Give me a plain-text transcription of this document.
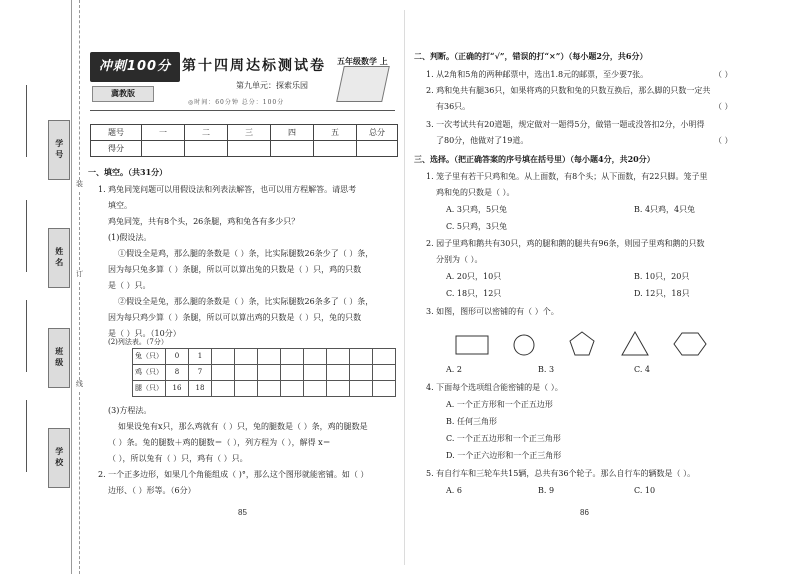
学号
姓名
班级
学校
装
订
线
冲刺100分
冀教版
第十四周达标测试卷 五年级数学 上
第九单元：探索乐园
◎时间：60分钟 总分：100分
题号	一	二	三	四	五	总分
得分						
一、填空。（共31分）
1. 鸡兔同笼问题可以用假设法和列表法解答，也可以用方程解答。请思考
填空。
鸡兔同笼，共有8个头，26条腿，鸡和兔各有多少只？
(1)假设法。
①假设全是鸡，那么腿的条数是（ ）条，比实际腿数26条少了（ ）条，
因为每只兔多算（ ）条腿，所以可以算出兔的只数是（ ）只，鸡的只数
是（ ）只。
②假设全是兔，那么腿的条数是（ ）条，比实际腿数26条多了（ ）条，
因为每只鸡少算（ ）条腿，所以可以算出鸡的只数是（ ）只，兔的只数
是（ ）只。（10分）
(2)列法表。（7分）
兔（只）	0	1								
鸡（只）	8	7								
腿（只）	16	18								
(3)方程法。
如果设兔有x只，那么鸡就有（ ）只，兔的腿数是（ ）条，鸡的腿数是
（ ）条。兔的腿数＋鸡的腿数＝（ ），列方程为（ ），解得 x＝
（ ），所以兔有（ ）只，鸡有（ ）只。
2. 一个正多边形，如果几个角能组成（ )°，那么这个图形就能密铺。如（ ）
边形、（ ）形等。（6分）
85
二、判断。（正确的打“√”，错误的打“×”）（每小题2分，共6分）
1. 从2角和5角的两种邮票中，选出1.8元的邮票，至少要7张。	（ ）
2. 鸡和兔共有腿36只，如果将鸡的只数和兔的只数互换后，那么脚的只数一定共
有36只。	（ ）
3. 一次考试共有20道题，规定做对一题得5分，做错一题或没答扣2分，小明得
了80分，他做对了19道。	（ ）
三、选择。（把正确答案的序号填在括号里）（每小题4分，共20分）
1. 笼子里有若干只鸡和兔。从上面数，有8个头；从下面数，有22只脚。笼子里
鸡和兔的只数是（ ）。
A. 3只鸡，5只兔	B. 4只鸡，4只兔
C. 5只鸡，3只兔
2. 园子里鸡和鹅共有30只，鸡的腿和鹅的腿共有96条，则园子里鸡和鹅的只数
分别为（ ）。
A. 20只，10只	B. 10只，20只
C. 18只，12只	D. 12只，18只
3. 如图，图形可以密铺的有（ ）个。
A. 2	B. 3	C. 4
4. 下面每个选项组合能密铺的是（ ）。
A. 一个正方形和一个正五边形
B. 任何三角形
C. 一个正五边形和一个正三角形
D. 一个正六边形和一个正三角形
5. 有自行车和三轮车共15辆，总共有36个轮子。那么自行车的辆数是（ ）。
A. 6	B. 9	C. 10
86
